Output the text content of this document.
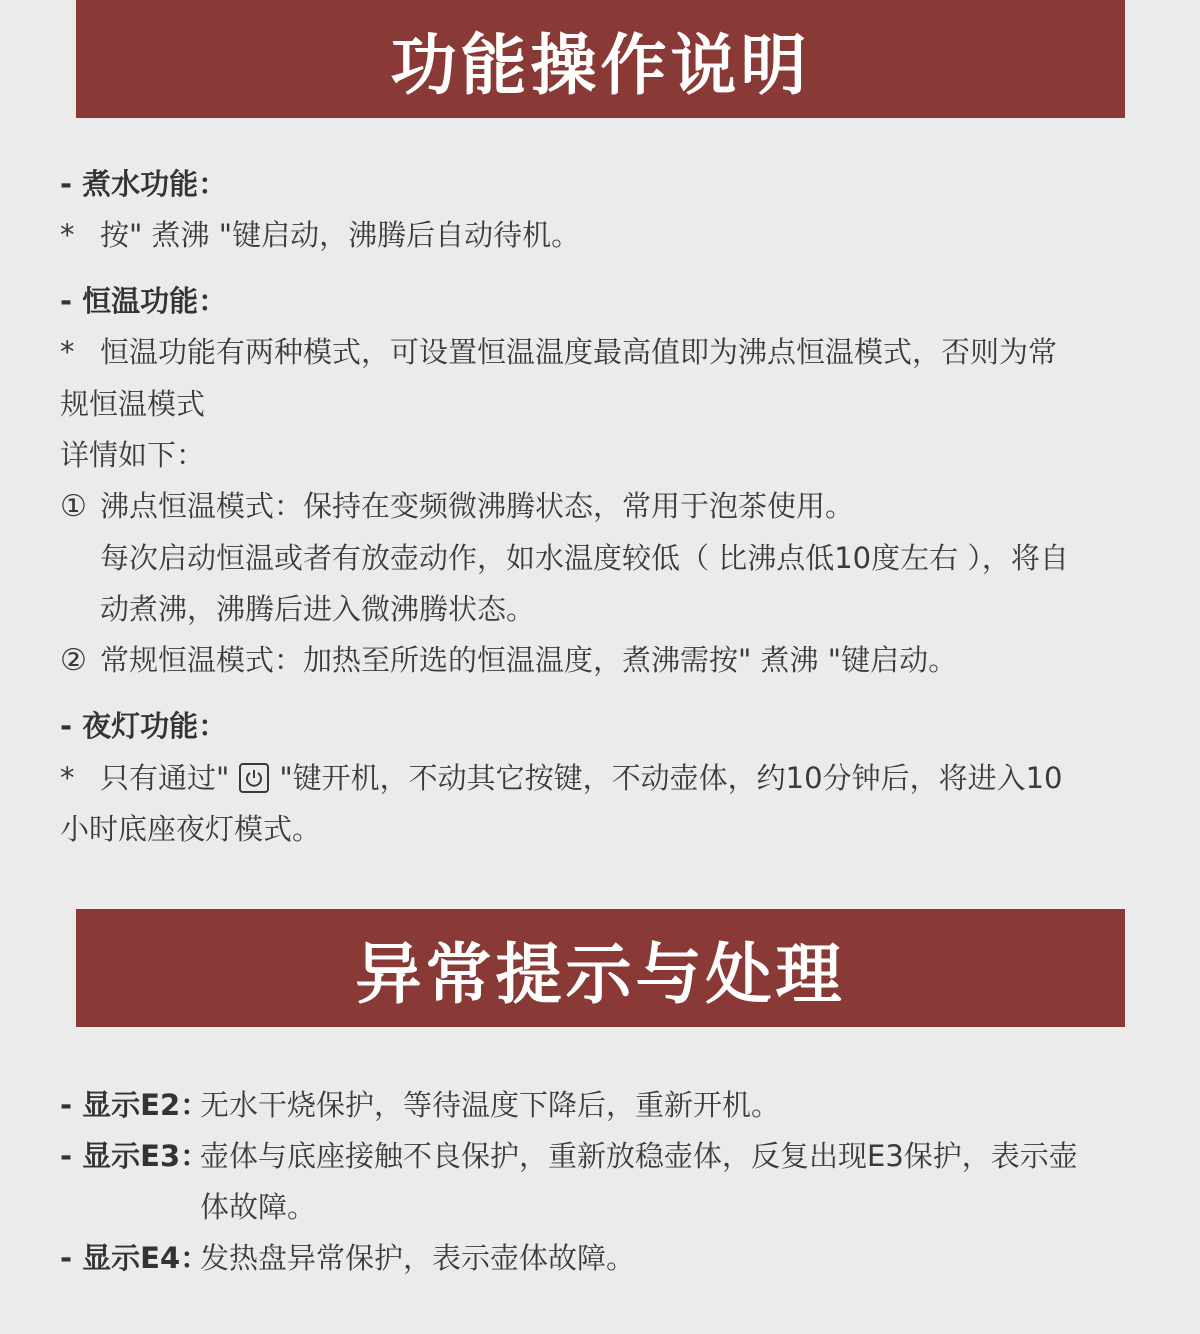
功能操作说明
- 煮水功能：
* 按" 煮沸 "键启动，沸腾后自动待机。
- 恒温功能：
* 恒温功能有两种模式，可设置恒温温度最高值即为沸点恒温模式，否则为常
规恒温模式
详情如下：
① 沸点恒温模式：保持在变频微沸腾状态，常用于泡茶使用。
每次启动恒温或者有放壶动作，如水温度较低（ 比沸点低10度左右 ），将自
动煮沸，沸腾后进入微沸腾状态。
② 常规恒温模式：加热至所选的恒温温度，煮沸需按" 煮沸 "键启动。
- 夜灯功能：
* 只有通过" "键开机，不动其它按键，不动壶体，约10分钟后，将进入10
小时底座夜灯模式。
异常提示与处理
- 显示E2：无水干烧保护，等待温度下降后，重新开机。
- 显示E3：壶体与底座接触不良保护，重新放稳壶体，反复出现E3保护，表示壶
体故障。
- 显示E4：发热盘异常保护，表示壶体故障。
